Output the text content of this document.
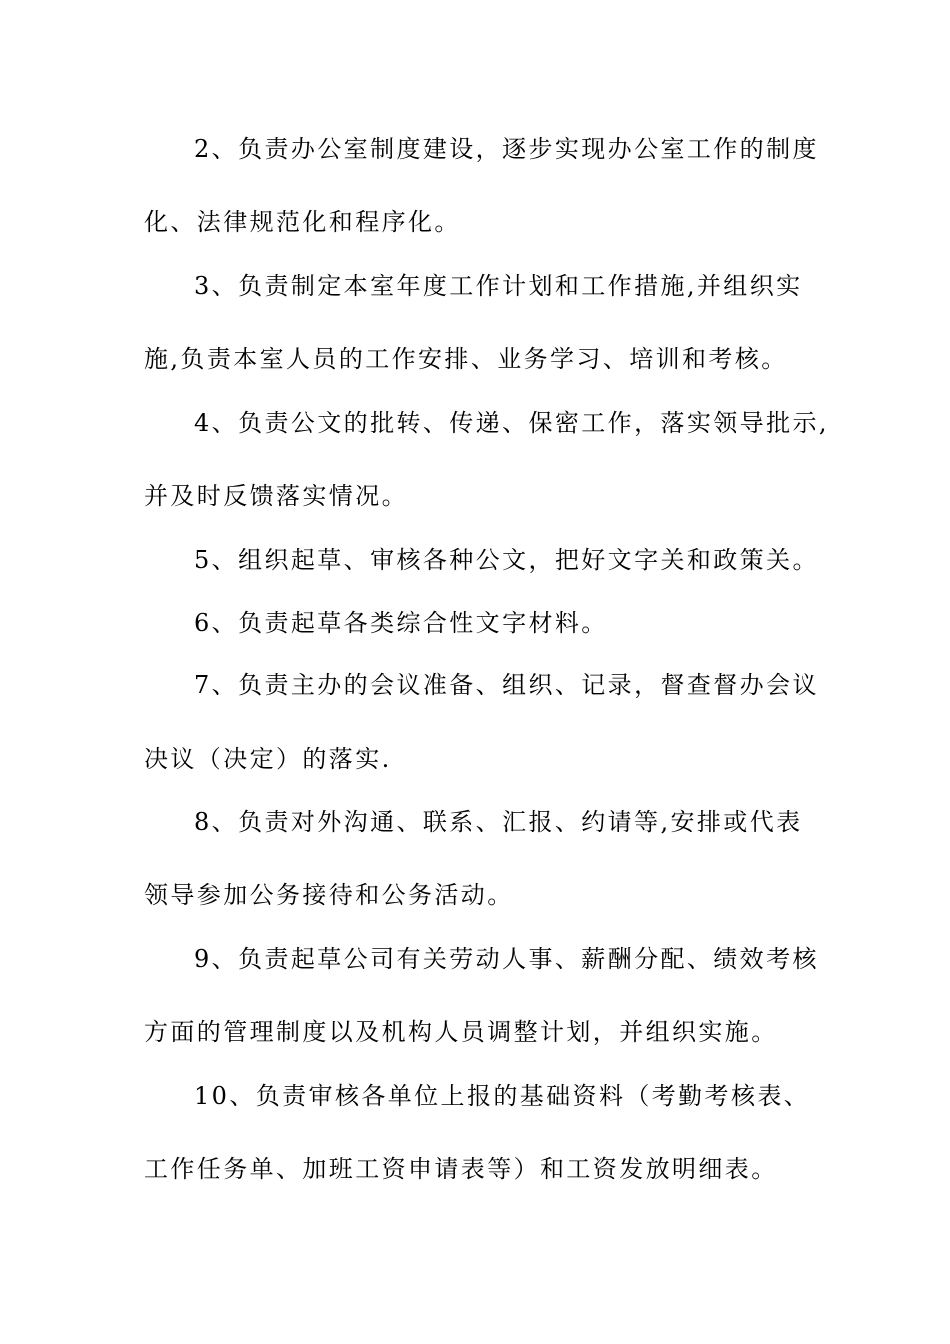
2、负责办公室制度建设，逐步实现办公室工作的制度
化、法律规范化和程序化。
3、负责制定本室年度工作计划和工作措施,并组织实
施,负责本室人员的工作安排、业务学习、培训和考核。
4、负责公文的批转、传递、保密工作，落实领导批示,
并及时反馈落实情况。
5、组织起草、审核各种公文，把好文字关和政策关。
6、负责起草各类综合性文字材料。
7、负责主办的会议准备、组织、记录，督查督办会议
决议（决定）的落实.
8、负责对外沟通、联系、汇报、约请等,安排或代表
领导参加公务接待和公务活动。
9、负责起草公司有关劳动人事、薪酬分配、绩效考核
方面的管理制度以及机构人员调整计划，并组织实施。
10、负责审核各单位上报的基础资料（考勤考核表、
工作任务单、加班工资申请表等）和工资发放明细表。
